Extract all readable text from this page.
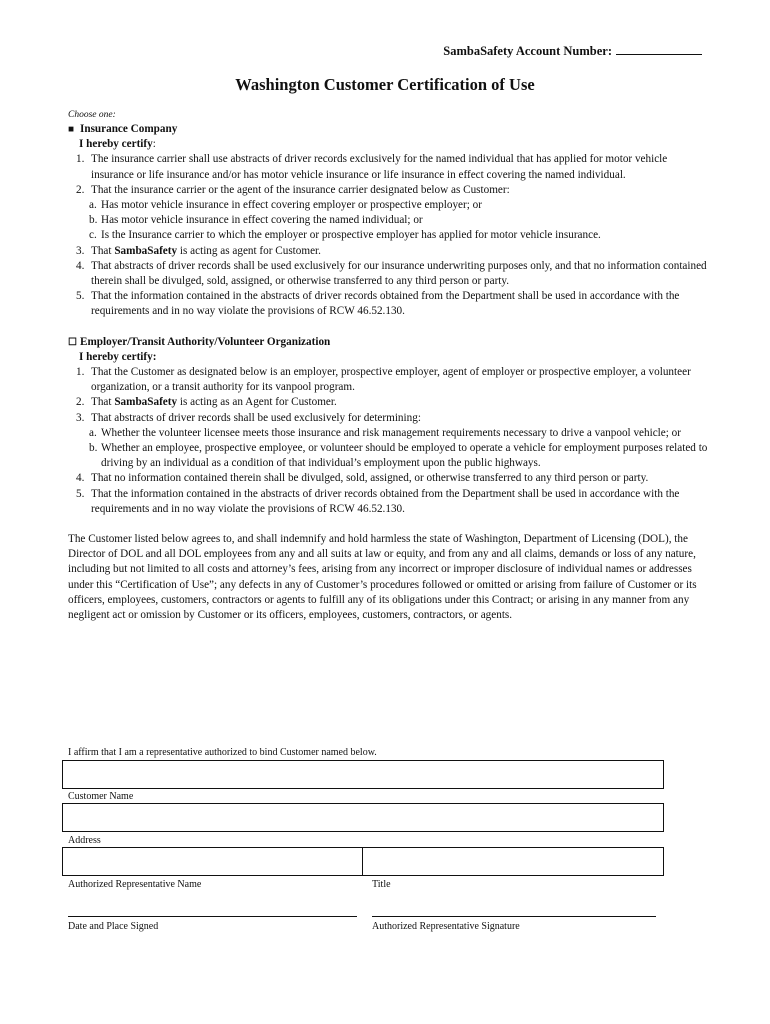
SambaSafety Account Number:
Washington Customer Certification of Use
Choose one:
■ Insurance Company
I hereby certify:
1. The insurance carrier shall use abstracts of driver records exclusively for the named individual that has applied for motor vehicle insurance or life insurance and/or has motor vehicle insurance or life insurance in effect covering the named individual.
2. That the insurance carrier or the agent of the insurance carrier designated below as Customer:
a. Has motor vehicle insurance in effect covering employer or prospective employer; or
b. Has motor vehicle insurance in effect covering the named individual; or
c. Is the Insurance carrier to which the employer or prospective employer has applied for motor vehicle insurance.
3. That SambaSafety is acting as agent for Customer.
4. That abstracts of driver records shall be used exclusively for our insurance underwriting purposes only, and that no information contained therein shall be divulged, sold, assigned, or otherwise transferred to any third person or party.
5. That the information contained in the abstracts of driver records obtained from the Department shall be used in accordance with the requirements and in no way violate the provisions of RCW 46.52.130.
☐ Employer/Transit Authority/Volunteer Organization
I hereby certify:
1. That the Customer as designated below is an employer, prospective employer, agent of employer or prospective employer, a volunteer organization, or a transit authority for its vanpool program.
2. That SambaSafety is acting as an Agent for Customer.
3. That abstracts of driver records shall be used exclusively for determining:
a. Whether the volunteer licensee meets those insurance and risk management requirements necessary to drive a vanpool vehicle; or
b. Whether an employee, prospective employee, or volunteer should be employed to operate a vehicle for employment purposes related to driving by an individual as a condition of that individual’s employment upon the public highways.
4. That no information contained therein shall be divulged, sold, assigned, or otherwise transferred to any third person or party.
5. That the information contained in the abstracts of driver records obtained from the Department shall be used in accordance with the requirements and in no way violate the provisions of RCW 46.52.130.
The Customer listed below agrees to, and shall indemnify and hold harmless the state of Washington, Department of Licensing (DOL), the Director of DOL and all DOL employees from any and all suits at law or equity, and from any and all claims, demands or loss of any nature, including but not limited to all costs and attorney’s fees, arising from any incorrect or improper disclosure of individual names or addresses under this “Certification of Use”; any defects in any of Customer’s procedures followed or omitted or arising from failure of Customer or its officers, employees, customers, contractors or agents to fulfill any of its obligations under this Contract; or arising in any manner from any negligent act or omission by Customer or its officers, employees, customers, contractors, or agents.
I affirm that I am a representative authorized to bind Customer named below.
Customer Name
Address
Authorized Representative Name	Title
Date and Place Signed	Authorized Representative Signature
